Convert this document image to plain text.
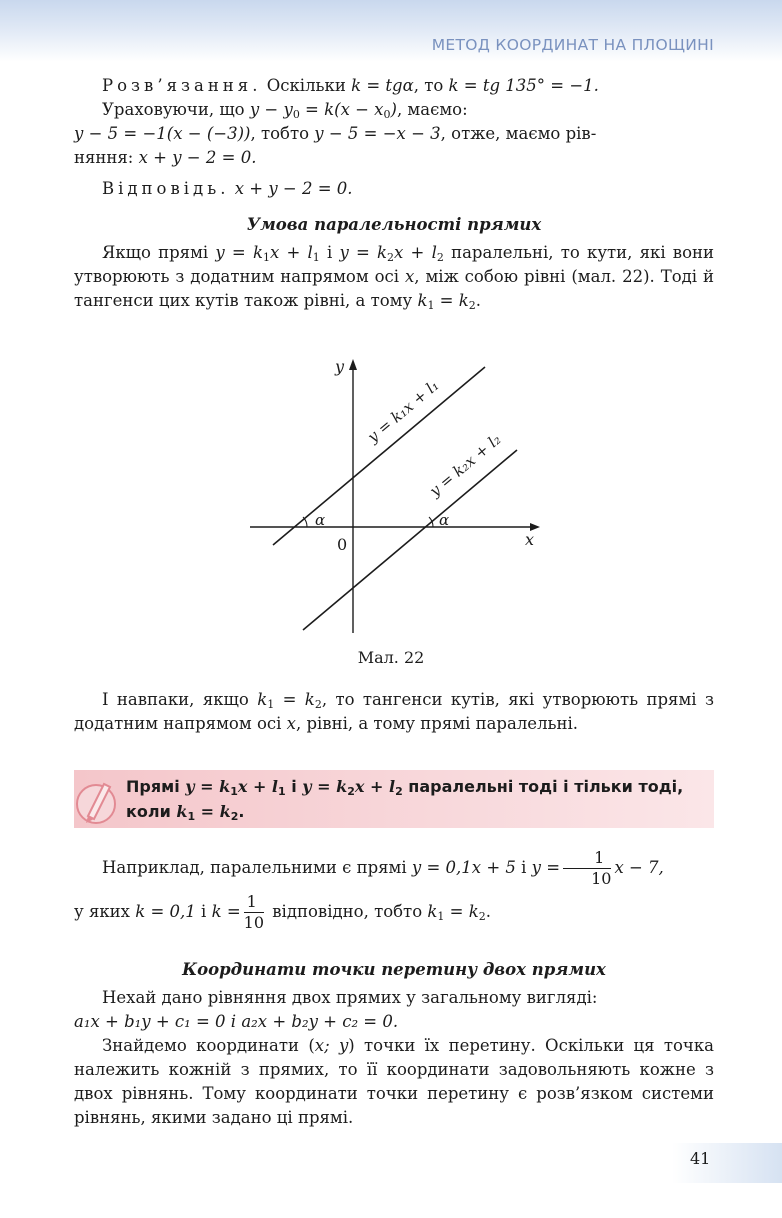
МЕТОД КООРДИНАТ НА ПЛОЩИНІ

Розв’язання. Оскільки k = tgα, то k = tg 135° = −1.

Ураховуючи, що $y - y_0 = k(x - x_0)$, маємо:

y − 5 = −1(x − (−3)), тобто y − 5 = −x − 3, отже, маємо рів-

няння: x + y − 2 = 0.

Відповідь. x + y − 2 = 0.

Умова паралельності прямих

Якщо прямі $y = k_1x + l_1$ і $y = k_2x + l_2$ паралельні, то кути, які вони утворюють з додатним напрямом осі x, між собою рівні (мал. 22). Тоді й тангенси цих кутів також рівні, а тому $k_1 = k_2$.

α	α
0	x
y
y = k₁x + l₁
y = k₂x + l₂
Мал. 22

І навпаки, якщо $k_1 = k_2$, то тангенси кутів, які утворюють прямі з додатним напрямом осі x, рівні, а тому прямі паралельні.

Прямі $y = k_1x + l_1$ і $y = k_2x + l_2$ паралельні тоді і тільки тоді, коли $k_1 = k_2$.

Наприклад, паралельними є прямі y = 0,1x + 5 і $y = \frac{1}{10}$ x − 7,

у яких k = 0,1 і $k = \frac{1}{10}$ відповідно, тобто $k_1 = k_2$.

Координати точки перетину двох прямих

Нехай дано рівняння двох прямих у загальному вигляді:

a₁x + b₁y + c₁ = 0 і a₂x + b₂y + c₂ = 0.

Знайдемо координати (x; y) точки їх перетину. Оскільки ця точка належить кожній з прямих, то її координати задовольняють кожне з двох рівнянь. Тому координати точки перетину є розв’язком системи рівнянь, якими задано ці прямі.

41
